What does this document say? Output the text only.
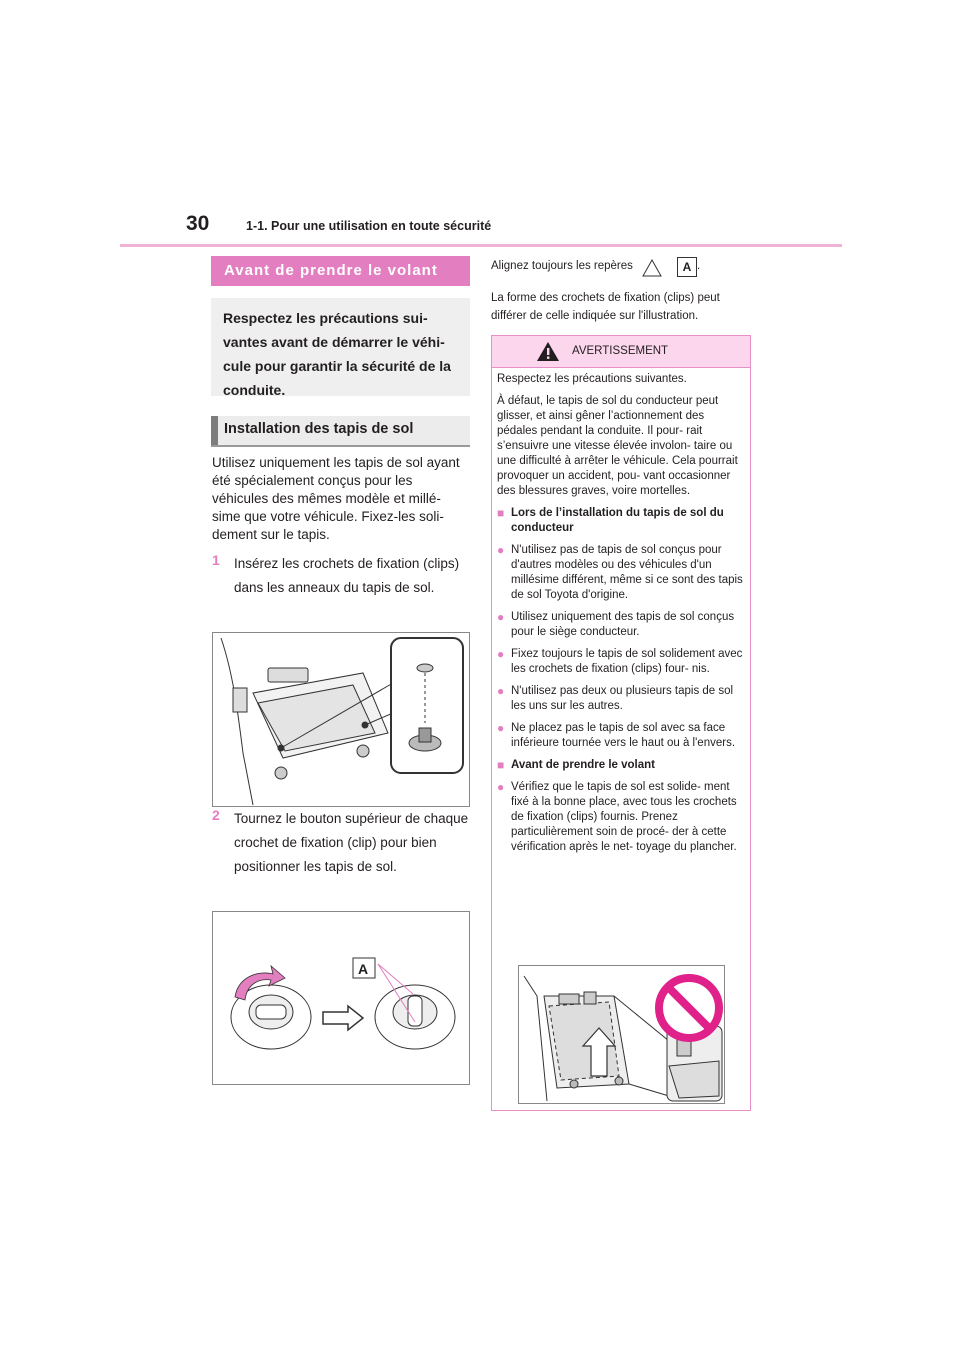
30	1-1. Pour une utilisation en toute sécurité
Avant de prendre le volant
Respectez les précautions sui- vantes avant de démarrer le véhi- cule pour garantir la sécurité de la conduite.
Installation des tapis de sol
Utilisez uniquement les tapis de sol ayant été spécialement conçus pour les véhicules des mêmes modèle et millé- sime que votre véhicule. Fixez-les soli- dement sur le tapis.
1 Insérez les crochets de fixation (clips) dans les anneaux du tapis de sol.
2 Tournez le bouton supérieur de chaque crochet de fixation (clip) pour bien positionner les tapis de sol.
A
Alignez toujours les repères	A .
La forme des crochets de fixation (clips) peut différer de celle indiquée sur l'illustration.
AVERTISSEMENT

Respectez les précautions suivantes.

À défaut, le tapis de sol du conducteur peut glisser, et ainsi gêner l’actionnement des pédales pendant la conduite. Il pour- rait s’ensuivre une vitesse élevée involon- taire ou une difficulté à arrêter le véhicule. Cela pourrait provoquer un accident, pou- vant occasionner des blessures graves, voire mortelles.

■ Lors de l’installation du tapis de sol du conducteur
● N'utilisez pas de tapis de sol conçus pour d'autres modèles ou des véhicules d'un millésime différent, même si ce sont des tapis de sol Toyota d'origine.
● Utilisez uniquement des tapis de sol conçus pour le siège conducteur.
● Fixez toujours le tapis de sol solidement avec les crochets de fixation (clips) four- nis.
● N'utilisez pas deux ou plusieurs tapis de sol les uns sur les autres.
● Ne placez pas le tapis de sol avec sa face inférieure tournée vers le haut ou à l'envers.
■ Avant de prendre le volant
● Vérifiez que le tapis de sol est solide- ment fixé à la bonne place, avec tous les crochets de fixation (clips) fournis. Prenez particulièrement soin de procé- der à cette vérification après le net- toyage du plancher.
